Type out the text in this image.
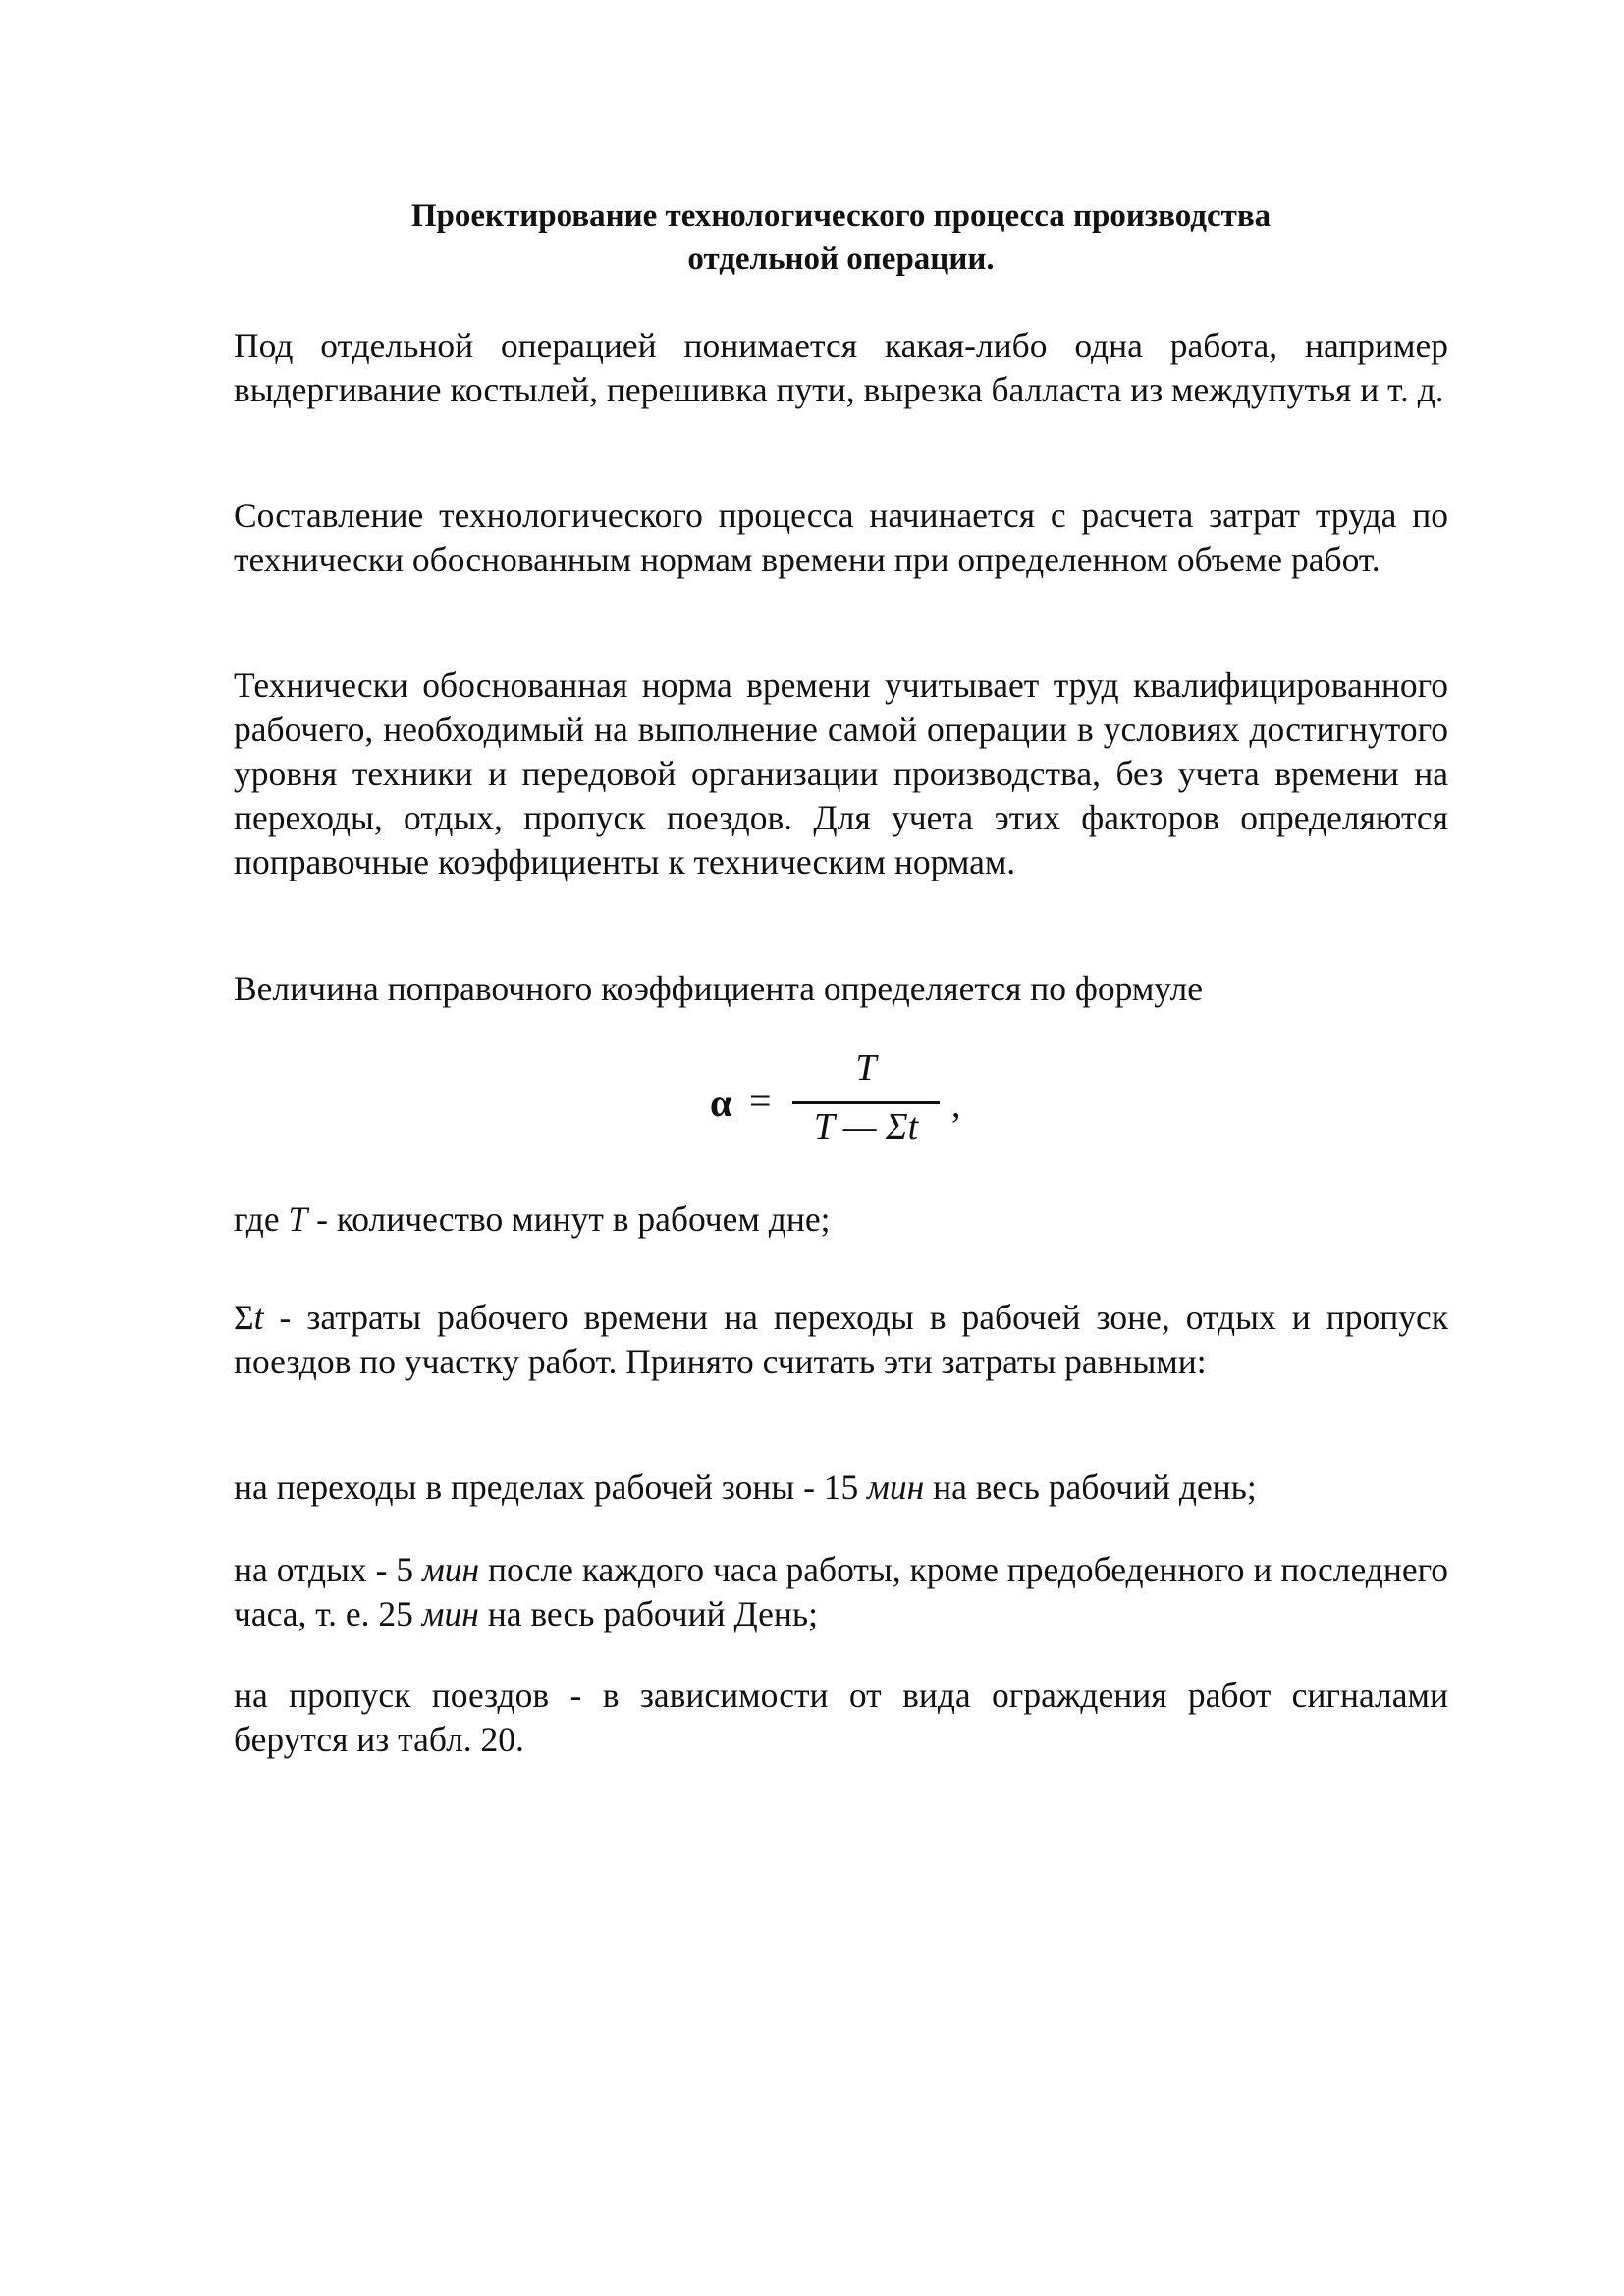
Проектирование технологического процесса производства
отдельной операции.

Под отдельной операцией понимается какая-либо одна работа, например выдергивание костылей, перешивка пути, вырезка балласта из междупутья и т. д.

Составление технологического процесса начинается с расчета затрат труда по технически обоснованным нормам времени при определенном объеме работ.

Технически обоснованная норма времени учитывает труд квалифицированного рабочего, необходимый на выполнение самой операции в условиях достигнутого уровня техники и передовой организации производства, без учета времени на переходы, отдых, пропуск поездов. Для учета этих факторов определяются поправочные коэффициенты к техническим нормам.

Величина поправочного коэффициента определяется по формуле

α =
T
T — Σt
,

где T - количество минут в рабочем дне;

Σt - затраты рабочего времени на переходы в рабочей зоне, отдых и пропуск поездов по участку работ. Принято считать эти затраты равными:

на переходы в пределах рабочей зоны - 15 мин на весь рабочий день;

на отдых - 5 мин после каждого часа работы, кроме предобеденного и последнего часа, т. е. 25 мин на весь рабочий День;

на пропуск поездов - в зависимости от вида ограждения работ сигналами берутся из табл. 20.
